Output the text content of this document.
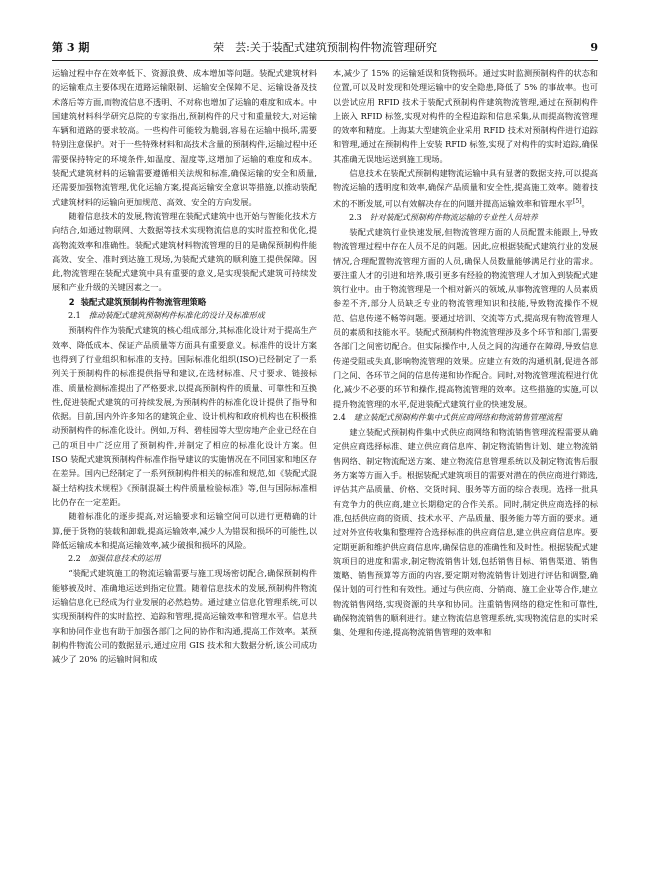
第 3 期	荣　芸:关于装配式建筑预制构件物流管理研究	9

运输过程中存在效率低下、资源浪费、成本增加等问题。装配式建筑材料的运输难点主要体现在道路运输限制、运输安全保障不足、运输设备及技术落后等方面,而物流信息不透明、不对称也增加了运输的难度和成本。中国建筑材料科学研究总院的专家指出,预制构件的尺寸和重量较大,对运输车辆和道路的要求较高。一些构件可能较为脆弱,容易在运输中损坏,需要特别注意保护。对于一些特殊材料和高技术含量的预制构件,运输过程中还需要保持特定的环境条件,如温度、湿度等,这增加了运输的难度和成本。装配式建筑材料的运输需要遵循相关法规和标准,确保运输的安全和质量,还需要加强物流管理,优化运输方案,提高运输安全意识等措施,以推动装配式建筑材料的运输向更加规范、高效、安全的方向发展。

随着信息技术的发展,物流管理在装配式建筑中也开始与智能化技术方向结合,如通过物联网、大数据等技术实现物流信息的实时监控和优化,提高物流效率和准确性。装配式建筑材料物流管理的目的是确保预制构件能高效、安全、准时到达施工现场,为装配式建筑的顺利施工提供保障。因此,物流管理在装配式建筑中具有重要的意义,是实现装配式建筑可持续发展和产业升级的关键因素之一。

2 装配式建筑预制构件物流管理策略

2.1 推动装配式建筑预制构件标准化的设计及标准形成

预制构件作为装配式建筑的核心组成部分,其标准化设计对于提高生产效率、降低成本、保证产品质量等方面具有重要意义。标准件的设计方案也得到了行业组织和标准的支持。国际标准化组织(ISO)已经制定了一系列关于预制构件的标准提供指导和建议,在选材标准、尺寸要求、链接标准、质量检测标准提出了严格要求,以提高预制构件的质量、可靠性和互换性,促进装配式建筑的可持续发展,为预制构件的标准化设计提供了指导和依据。目前,国内外许多知名的建筑企业、设计机构和政府机构也在积极推动预制构件的标准化设计。例如,万科、碧桂园等大型房地产企业已经在自己的项目中广泛应用了预制构件,并制定了相应的标准化设计方案。但 ISO 装配式建筑预制构件标准作指导建议的实施情况在不同国家和地区存在差异。国内已经制定了一系列预制构件相关的标准和规范,如《装配式混凝土结构技术规程》《预制混凝土构件质量检验标准》等,但与国际标准相比仍存在一定差距。

随着标准化的逐步提高,对运输要求和运输空间可以进行更精确的计算,便于货物的装载和卸载,提高运输效率,减少人为错误和损坏的可能性,以降低运输成本和提高运输效率,减少破损和损坏的风险。

2.2 加强信息技术的运用

“装配式建筑施工的物流运输需要与施工现场密切配合,确保预制构件能够被及时、准确地运送到指定位置。随着信息技术的发展,预制构件物流运输信息化已经成为行业发展的必然趋势。通过建立信息化管理系统,可以实现预制构件的实时监控、追踪和管理,提高运输效率和管理水平。信息共享和协同作业也有助于加强各部门之间的协作和沟通,提高工作效率。某预制构件物流公司的数据显示,通过应用 GIS 技术和大数据分析,该公司成功减少了 20% 的运输时间和成

本,减少了 15% 的运输延误和货物损坏。通过实时监测预制构件的状态和位置,可以及时发现和处理运输中的安全隐患,降低了 5% 的事故率。也可以尝试应用 RFID 技术于装配式预制构件建筑物流管理,通过在预制构件上嵌入 RFID 标签,实现对构件的全程追踪和信息采集,从而提高物流管理的效率和精度。上海某大型建筑企业采用 RFID 技术对预制构件进行追踪和管理,通过在预制构件上安装 RFID 标签,实现了对构件的实时追踪,确保其准确无误地运送到施工现场。

信息技术在装配式预制构建物流运输中具有显著的数据支持,可以提高物流运输的透明度和效率,确保产品质量和安全性,提高施工效率。随着技术的不断发展,可以有效解决存在的问题并提高运输效率和管理水平[5]。

2.3 针对装配式预制构件物流运输的专业性人员培养

装配式建筑行业快速发展,但物流管理方面的人员配置未能跟上,导致物流管理过程中存在人员不足的问题。因此,应根据装配式建筑行业的发展情况,合理配置物流管理方面的人员,确保人员数量能够满足行业的需求。要注重人才的引进和培养,吸引更多有经验的物流管理人才加入到装配式建筑行业中。由于物流管理是一个相对新兴的领域,从事物流管理的人员素质参差不齐,部分人员缺乏专业的物流管理知识和技能,导致物流操作不规范、信息传递不畅等问题。要通过培训、交流等方式,提高现有物流管理人员的素质和技能水平。装配式预制构件物流管理涉及多个环节和部门,需要各部门之间密切配合。但实际操作中,人员之间的沟通存在障碍,导致信息传递受阻或失真,影响物流管理的效果。应建立有效的沟通机制,促进各部门之间、各环节之间的信息传递和协作配合。同时,对物流管理流程进行优化,减少不必要的环节和操作,提高物流管理的效率。这些措施的实施,可以提升物流管理的水平,促进装配式建筑行业的快速发展。

2.4 建立装配式预制构件集中式供应商网络和物流销售管理流程

建立装配式预制构件集中式供应商网络和物流销售管理流程需要从确定供应商选择标准、建立供应商信息库、制定物流销售计划、建立物流销售网络、制定物流配送方案、建立物流信息管理系统以及制定物流售后服务方案等方面入手。根据装配式建筑项目的需要对潜在的供应商进行筛选,评估其产品质量、价格、交货时间、服务等方面的综合表现。选择一批具有竞争力的供应商,建立长期稳定的合作关系。同时,制定供应商选择的标准,包括供应商的资质、技术水平、产品质量、服务能力等方面的要求。通过对外宣传收集和整理符合选择标准的供应商信息,建立供应商信息库。要定期更新和维护供应商信息库,确保信息的准确性和及时性。根据装配式建筑项目的进度和需求,制定物流销售计划,包括销售目标、销售渠道、销售策略、销售预算等方面的内容,要定期对物流销售计划进行评估和调整,确保计划的可行性和有效性。通过与供应商、分销商、施工企业等合作,建立物流销售网络,实现资源的共享和协同。注重销售网络的稳定性和可靠性,确保物流销售的顺利进行。建立物流信息管理系统,实现物流信息的实时采集、处理和传递,提高物流销售管理的效率和
